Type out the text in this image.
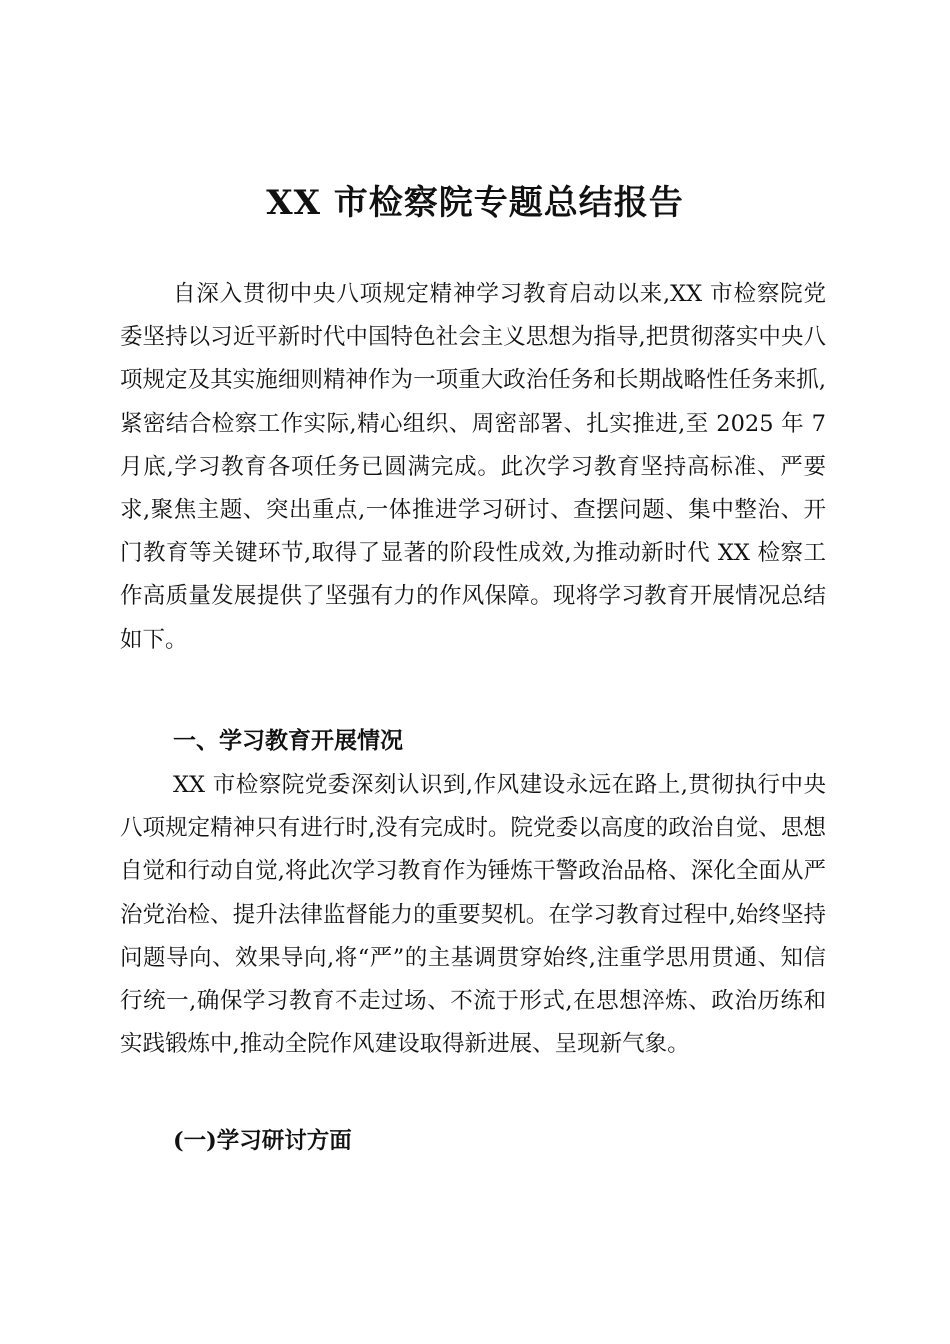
XX 市检察院专题总结报告

自深入贯彻中央八项规定精神学习教育启动以来,XX 市检察院党委坚持以习近平新时代中国特色社会主义思想为指导,把贯彻落实中央八项规定及其实施细则精神作为一项重大政治任务和长期战略性任务来抓,紧密结合检察工作实际,精心组织、周密部署、扎实推进,至 2025 年 7 月底,学习教育各项任务已圆满完成。此次学习教育坚持高标准、严要求,聚焦主题、突出重点,一体推进学习研讨、查摆问题、集中整治、开门教育等关键环节,取得了显著的阶段性成效,为推动新时代 XX 检察工作高质量发展提供了坚强有力的作风保障。现将学习教育开展情况总结如下。

一、学习教育开展情况

XX 市检察院党委深刻认识到,作风建设永远在路上,贯彻执行中央八项规定精神只有进行时,没有完成时。院党委以高度的政治自觉、思想自觉和行动自觉,将此次学习教育作为锤炼干警政治品格、深化全面从严治党治检、提升法律监督能力的重要契机。在学习教育过程中,始终坚持问题导向、效果导向,将“严”的主基调贯穿始终,注重学思用贯通、知信行统一,确保学习教育不走过场、不流于形式,在思想淬炼、政治历练和实践锻炼中,推动全院作风建设取得新进展、呈现新气象。

(一)学习研讨方面
